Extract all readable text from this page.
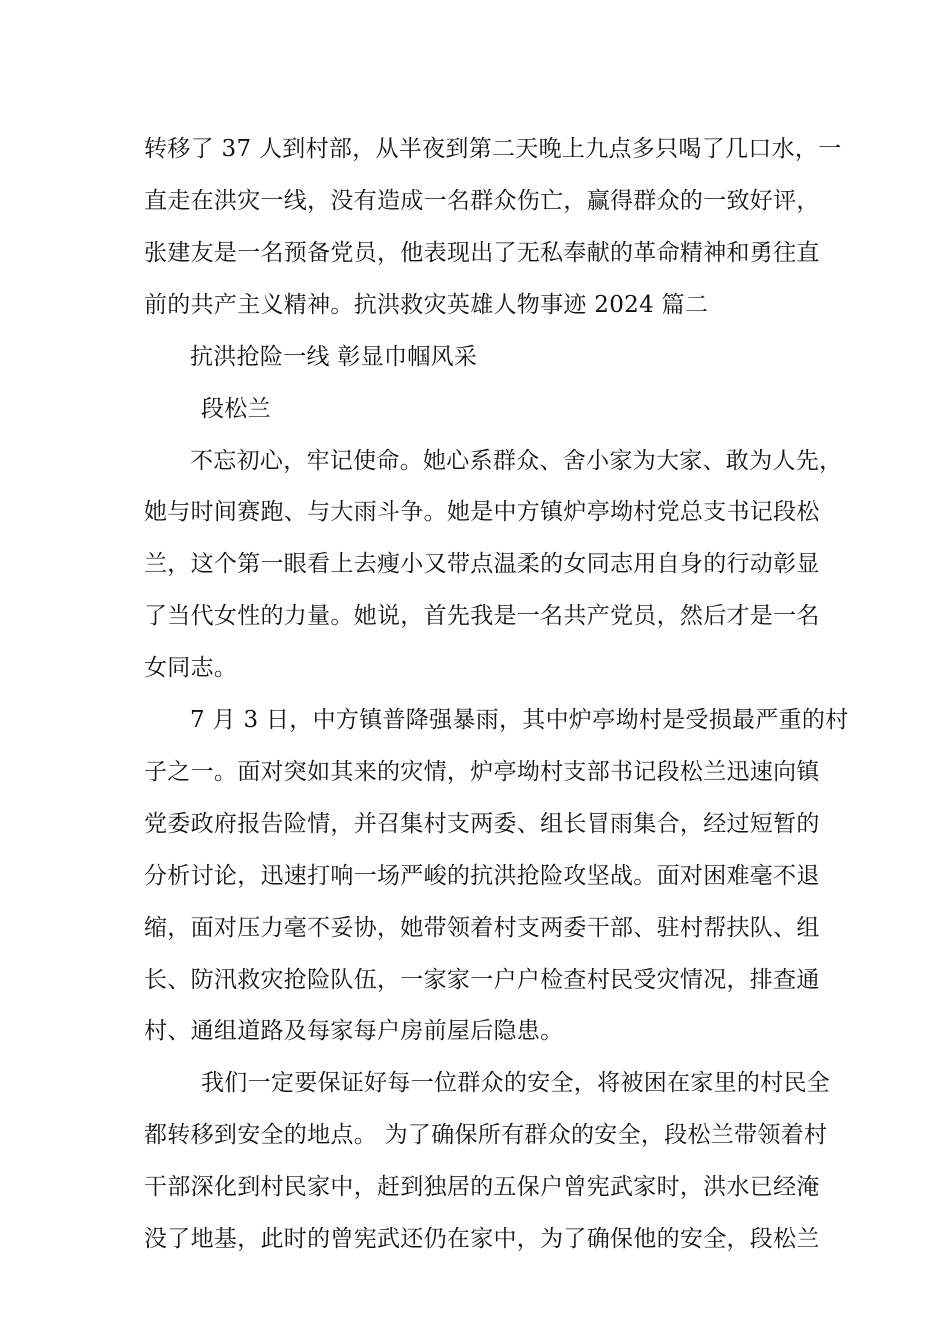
转移了 37 人到村部，从半夜到第二天晚上九点多只喝了几口水，一
直走在洪灾一线，没有造成一名群众伤亡，赢得群众的一致好评，
张建友是一名预备党员，他表现出了无私奉献的革命精神和勇往直
前的共产主义精神。抗洪救灾英雄人物事迹 2024 篇二
抗洪抢险一线 彰显巾帼风采
段松兰
不忘初心，牢记使命。她心系群众、舍小家为大家、敢为人先，
她与时间赛跑、与大雨斗争。她是中方镇炉亭坳村党总支书记段松
兰，这个第一眼看上去瘦小又带点温柔的女同志用自身的行动彰显
了当代女性的力量。她说，首先我是一名共产党员，然后才是一名
女同志。
7 月 3 日，中方镇普降强暴雨，其中炉亭坳村是受损最严重的村
子之一。面对突如其来的灾情，炉亭坳村支部书记段松兰迅速向镇
党委政府报告险情，并召集村支两委、组长冒雨集合，经过短暂的
分析讨论，迅速打响一场严峻的抗洪抢险攻坚战。面对困难毫不退
缩，面对压力毫不妥协，她带领着村支两委干部、驻村帮扶队、组
长、防汛救灾抢险队伍，一家家一户户检查村民受灾情况，排查通
村、通组道路及每家每户房前屋后隐患。
我们一定要保证好每一位群众的安全，将被困在家里的村民全
都转移到安全的地点。 为了确保所有群众的安全，段松兰带领着村
干部深化到村民家中，赶到独居的五保户曾宪武家时，洪水已经淹
没了地基，此时的曾宪武还仍在家中，为了确保他的安全，段松兰
